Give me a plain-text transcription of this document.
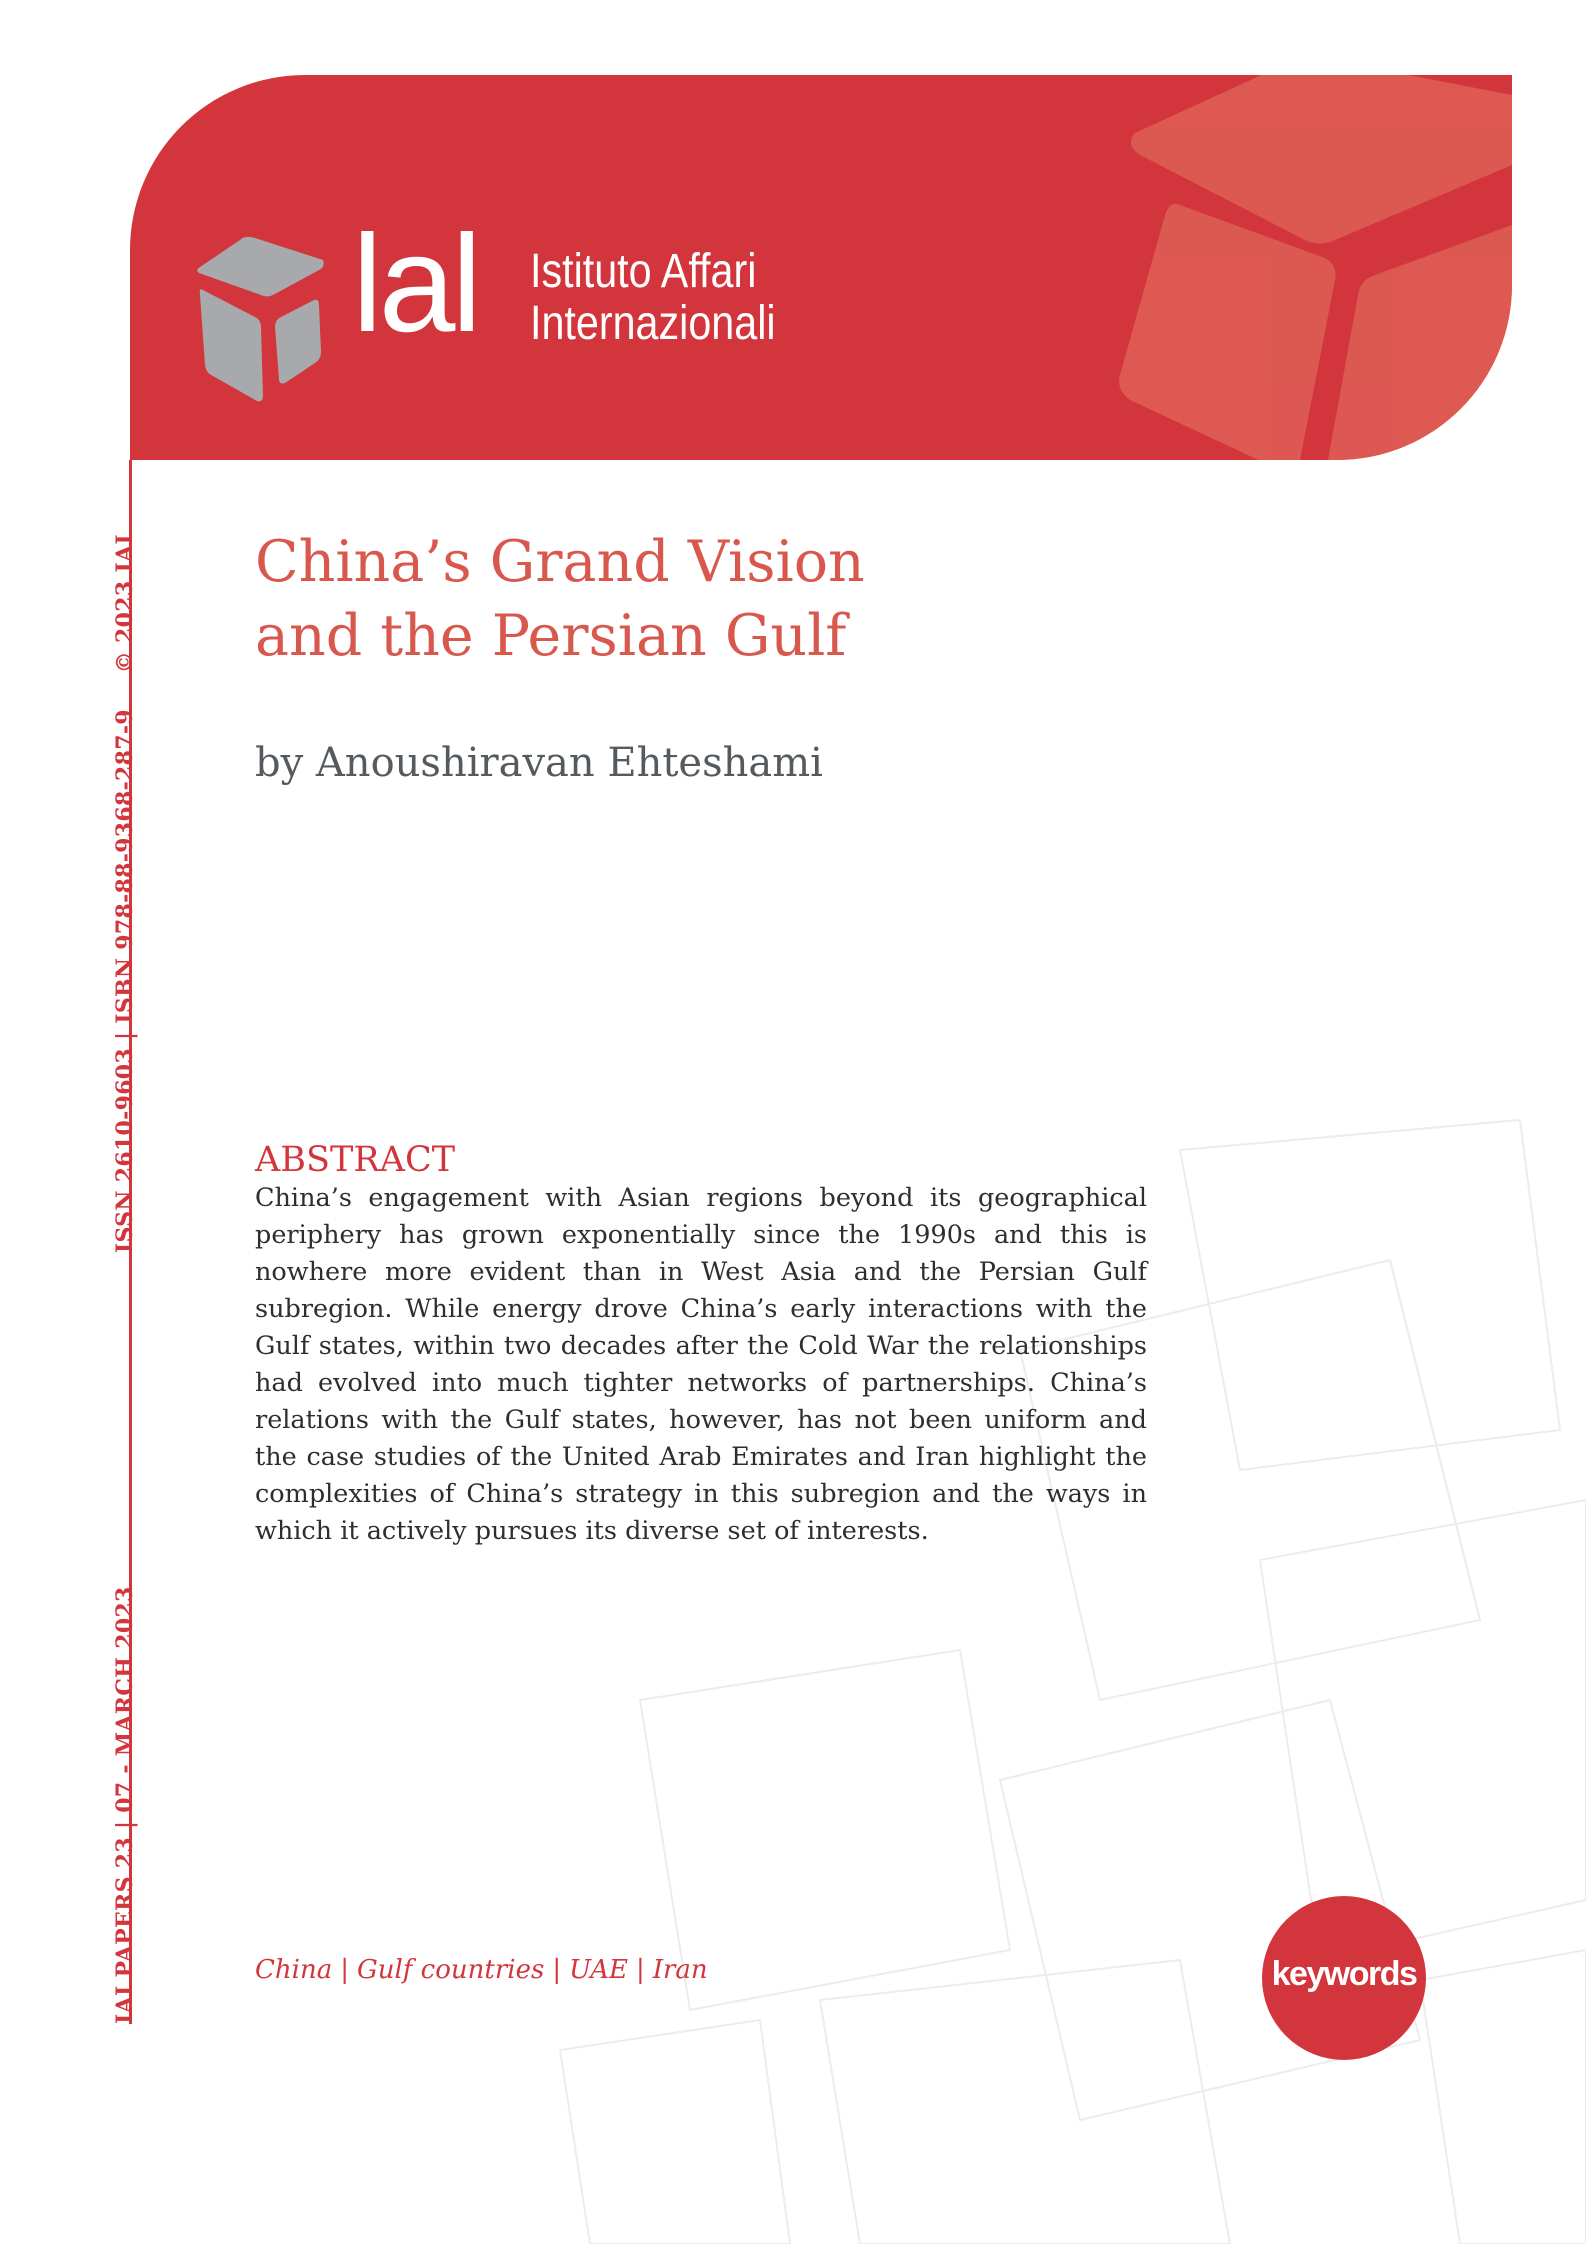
lal Istituto Affari
Internazionali
IAI PAPERS 23 | 07 - MARCH 2023
ISSN 2610-9603 | ISBN 978-88-9368-287-9   © 2023 IAI China’s Grand Vision
and the Persian Gulf
by Anoushiravan Ehteshami
ABSTRACT
China’s engagement with Asian regions beyond its geographical periphery has grown exponentially since the 1990s and this is nowhere more evident than in West Asia and the Persian Gulf subregion. While energy drove China’s early interactions with the Gulf states, within two decades after the Cold War the relationships had evolved into much tighter networks of partnerships. China’s relations with the Gulf states, however, has not been uniform and the case studies of the United Arab Emirates and Iran highlight the complexities of China’s strategy in this subregion and the ways in which it actively pursues its diverse set of interests.
China | Gulf countries | UAE | Iran	keywords
